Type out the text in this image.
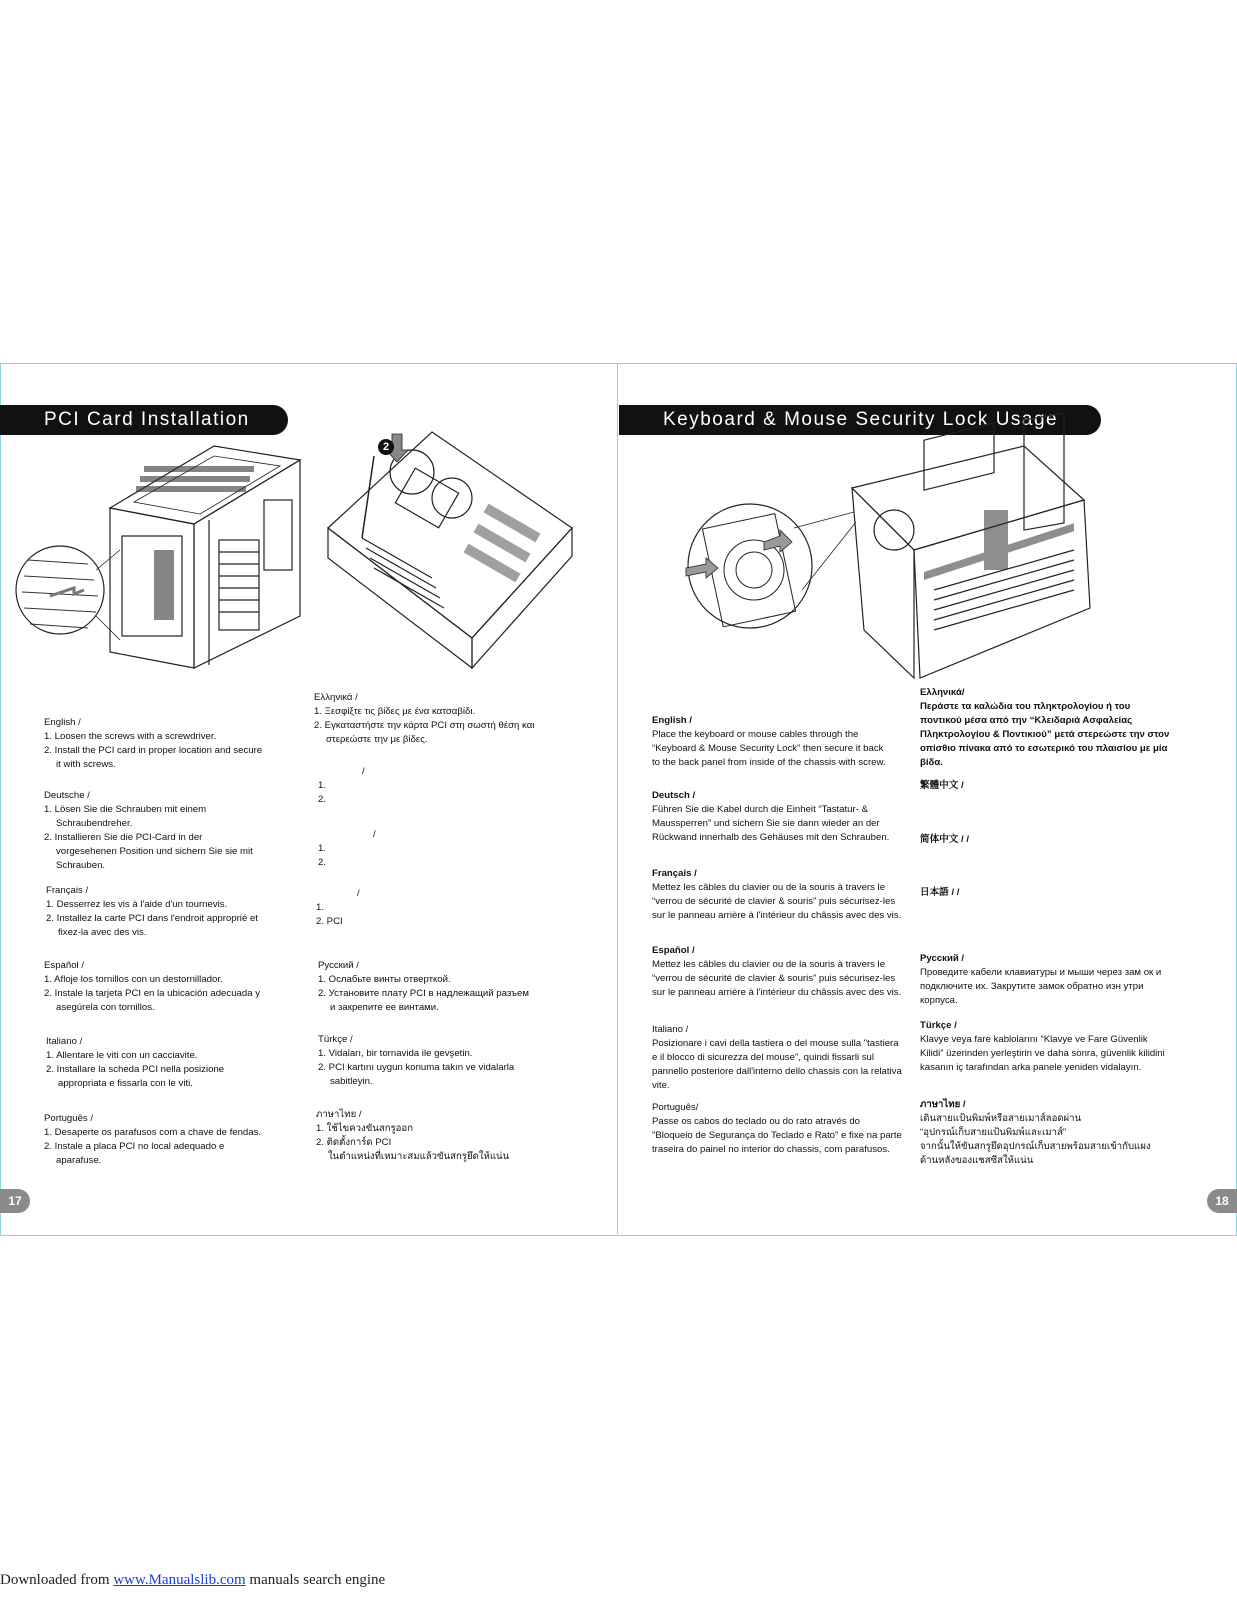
PCI Card Installation
2
English /
1. Loosen the screws with a screwdriver.
2. Install the PCI card in proper location and secure
it with screws.
Deutsche /
1. Lösen Sie die Schrauben mit einem
Schraubendreher.
2. Installieren Sie die PCI-Card in der
vorgesehenen Position und sichern Sie sie mit
Schrauben.
Français /
1. Desserrez les vis à l'aide d'un tournevis.
2. Installez la carte PCI dans l'endroit approprié et
fixez-la avec des vis.
Español /
1. Afloje los tornillos con un destornillador.
2. Instale la tarjeta PCI en la ubicación adecuada y
asegúrela con tornillos.
Italiano /
1. Allentare le viti con un cacciavite.
2. Installare la scheda PCI nella posizione
appropriata e fissarla con le viti.
Português /
1. Desaperte os parafusos com a chave de fendas.
2. Instale a placa PCI no local adequado e
aparafuse.
Ελληνικά /
1. Ξεσφίξτε τις βίδες με ένα κατσαβίδι.
2. Εγκαταστήστε την κάρτα PCI στη σωστή θέση και
στερεώστε την με βίδες.
/
1.
2.
/
1.
2.
/
1.
2. PCI
Русский /
1. Ослабьте винты отверткой.
2. Установите плату PCI в надлежащий разъем
и закрепите ее винтами.
Türkçe /
1. Vidaları, bir tornavida ile gevşetin.
2. PCI kartını uygun konuma takın ve vidalarla
sabitleyin.
ภาษาไทย /
1. ใช้ไขควงขันสกรูออก
2. ติดตั้งการ์ด PCI
ในตำแหน่งที่เหมาะสมแล้วขันสกรูยึดให้แน่น
17
Keyboard & Mouse Security Lock Usage
English /
Place the keyboard or mouse cables through the “Keyboard & Mouse Security Lock” then secure it back to the back panel from inside of the chassis with screw.
Deutsch /
Führen Sie die Kabel durch die Einheit “Tastatur- & Maussperren” und sichern Sie sie dann wieder an der Rückwand innerhalb des Gehäuses mit den Schrauben.
Français /
Mettez les câbles du clavier ou de la souris à travers le “verrou de sécurité de clavier & souris” puis sécurisez-les sur le panneau arrière à l'intérieur du châssis avec des vis.
Español /
Mettez les câbles du clavier ou de la souris à travers le “verrou de sécurité de clavier & souris” puis sécurisez-les sur le panneau arrière à l'intérieur du châssis avec des vis.
Italiano /
Posizionare i cavi della tastiera o del mouse sulla "tastiera e il blocco di sicurezza del mouse", quindi fissarli sul pannello posteriore dall'interno dello chassis con la relativa vite.
Português/
Passe os cabos do teclado ou do rato através do "Bloqueio de Segurança do Teclado e Rato" e fixe na parte traseira do painel no interior do chassis, com parafusos.
Ελληνικά/
Περάστε τα καλώδια του πληκτρολογίου ή του ποντικού μέσα από την “Κλειδαριά Ασφαλείας Πληκτρολογίου & Ποντικιού” μετά στερεώστε την στον οπίσθιο πίνακα από το εσωτερικό του πλαισίου με μία βίδα.
繁體中文 /
简体中文 / /
日本語 / /
Русский /
Проведите кабели клавиатуры и мыши через зам ок и подключите их. Закрутите замок обратно изн утри корпуса.
Türkçe /
Klavye veya fare kablolarını “Klavye ve Fare Güvenlik Kilidi” üzerinden yerleştirin ve daha sonra, güvenlik kilidini kasanın iç tarafından arka panele yeniden vidalayın.
ภาษาไทย /
เดินสายแป้นพิมพ์หรือสายเมาส์ลอดผ่าน
“อุปกรณ์เก็บสายแป้นพิมพ์และเมาส์”
จากนั้นให้ขันสกรูยึดอุปกรณ์เก็บสายพร้อมสายเข้ากับแผง
ด้านหลังของแชสซีสให้แน่น
18
Downloaded from www.Manualslib.com manuals search engine
